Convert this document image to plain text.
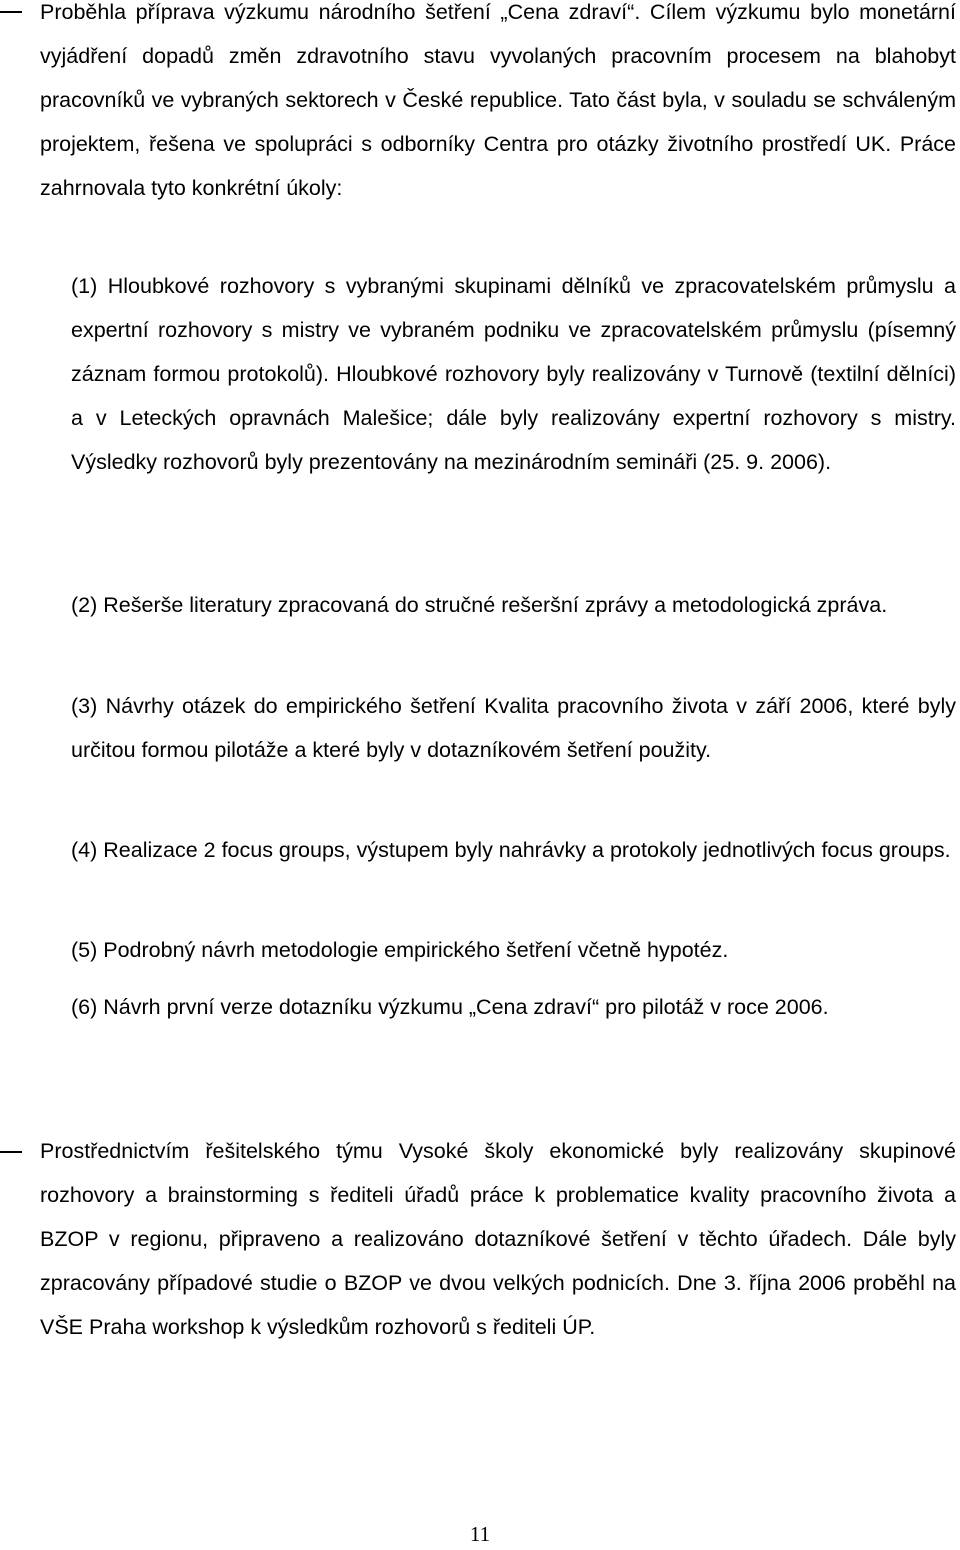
Proběhla příprava výzkumu národního šetření „Cena zdraví“. Cílem výzkumu bylo monetární vyjádření dopadů změn zdravotního stavu vyvolaných pracovním procesem na blahobyt pracovníků ve vybraných sektorech v České republice. Tato část byla, v souladu se schváleným projektem, řešena ve spolupráci s odborníky Centra pro otázky životního prostředí UK. Práce zahrnovala tyto konkrétní úkoly:

(1) Hloubkové rozhovory s vybranými skupinami dělníků ve zpracovatelském průmyslu a expertní rozhovory s mistry ve vybraném podniku ve zpracovatelském průmyslu (písemný záznam formou protokolů). Hloubkové rozhovory byly realizovány v Turnově (textilní dělníci) a v Leteckých opravnách Malešice; dále byly realizovány expertní rozhovory s mistry. Výsledky rozhovorů byly prezentovány na mezinárodním semináři (25. 9. 2006).

(2) Rešerše literatury zpracovaná do stručné rešeršní zprávy a metodologická zpráva.

(3) Návrhy otázek do empirického šetření Kvalita pracovního života v září 2006, které byly určitou formou pilotáže a které byly v dotazníkovém šetření použity.

(4) Realizace 2 focus groups, výstupem byly nahrávky a protokoly jednotlivých focus groups.

(5) Podrobný návrh metodologie empirického šetření včetně hypotéz.

(6) Návrh první verze dotazníku výzkumu „Cena zdraví“ pro pilotáž v roce 2006.

Prostřednictvím řešitelského týmu Vysoké školy ekonomické byly realizovány skupinové rozhovory a brainstorming s řediteli úřadů práce k problematice kvality pracovního života a BZOP v regionu, připraveno a realizováno dotazníkové šetření v těchto úřadech. Dále byly zpracovány případové studie o BZOP ve dvou velkých podnicích. Dne 3. října 2006 proběhl na VŠE Praha workshop k výsledkům rozhovorů s řediteli ÚP.

11
